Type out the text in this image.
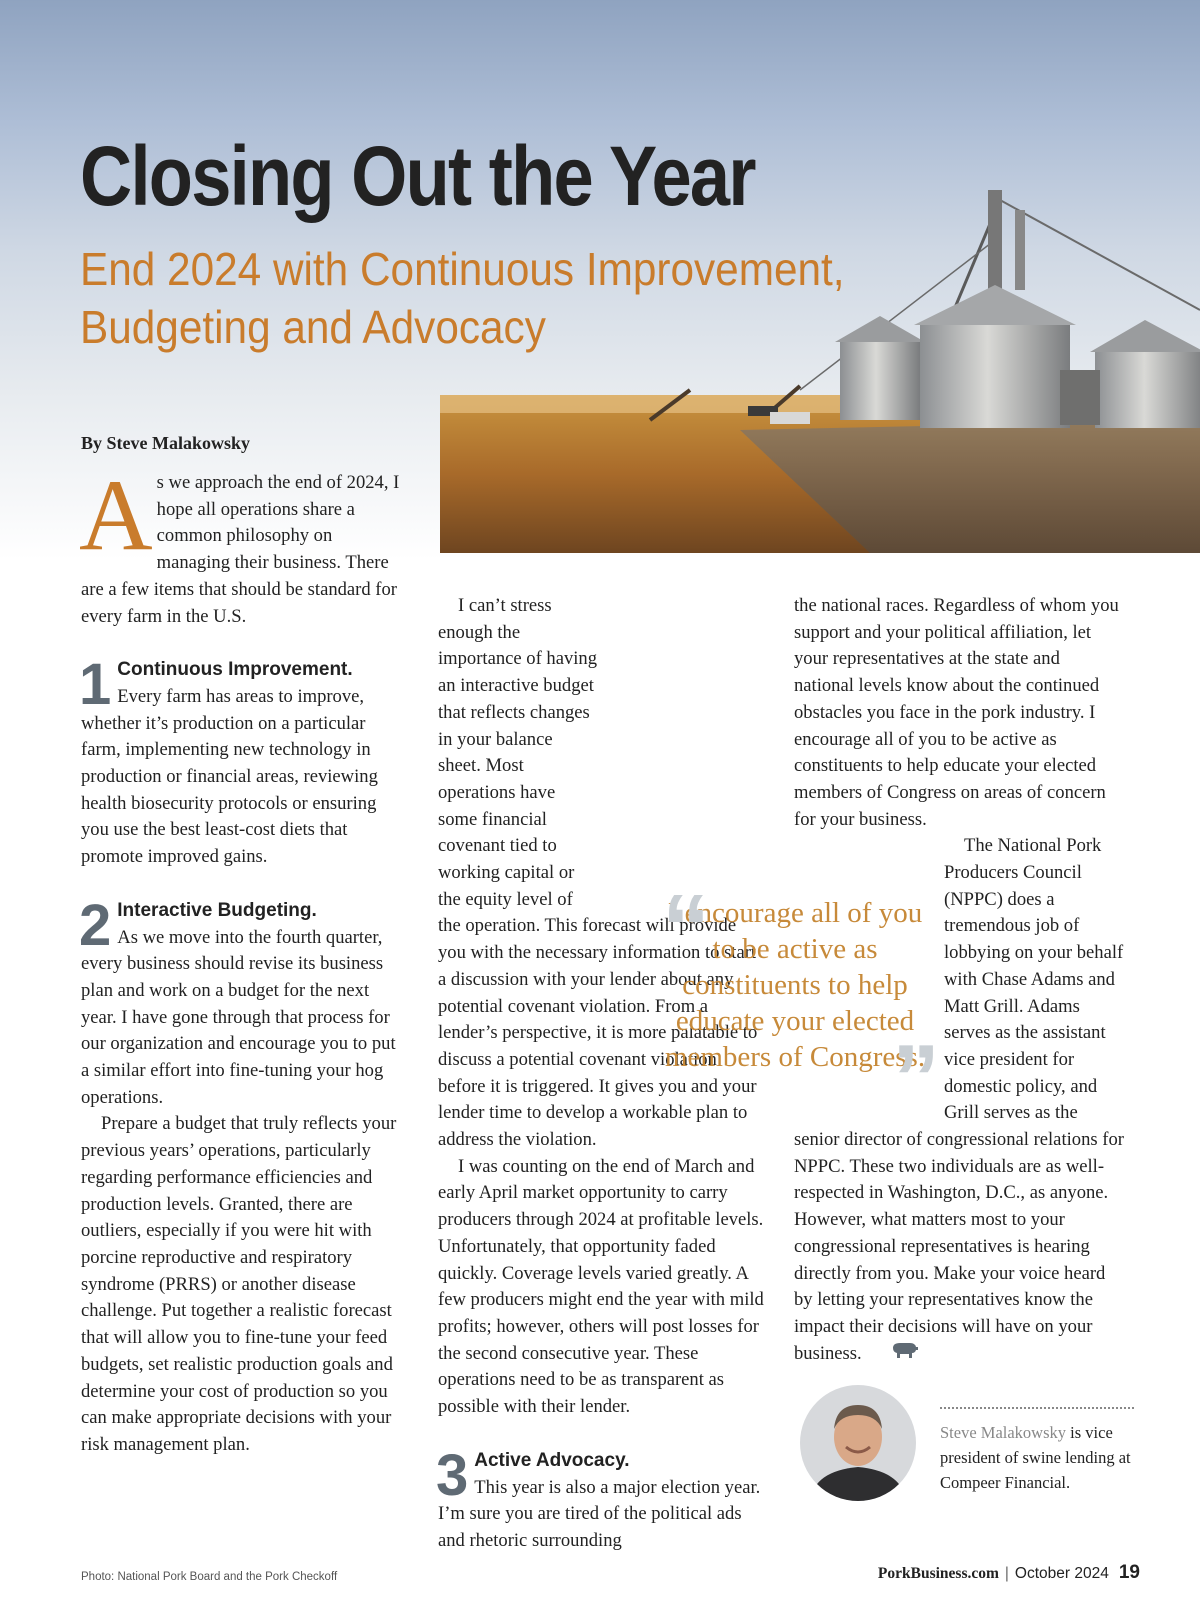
Closing Out the Year
End 2024 with Continuous Improvement, Budgeting and Advocacy

By Steve Malakowsky

As we approach the end of 2024, I hope all operations share a common philosophy on managing their business. There are a few items that should be standard for every farm in the U.S.

1 Continuous Improvement.
Every farm has areas to improve, whether it’s production on a particular farm, implementing new technology in production or financial areas, reviewing health biosecurity protocols or ensuring you use the best least-cost diets that promote improved gains.

2 Interactive Budgeting.
As we move into the fourth quarter, every business should revise its business plan and work on a budget for the next year. I have gone through that process for our organization and encourage you to put a similar effort into fine-tuning your hog operations.

Prepare a budget that truly reflects your previous years’ operations, particularly regarding performance efficiencies and production levels. Granted, there are outliers, especially if you were hit with porcine reproductive and respiratory syndrome (PRRS) or another disease challenge. Put together a realistic forecast that will allow you to fine-tune your feed budgets, set realistic production goals and determine your cost of production so you can make appropriate decisions with your risk management plan.

I can’t stress enough the importance of having an interactive budget that reflects changes in your balance sheet. Most operations have some financial covenant tied to working capital or the equity level of the operation. This forecast will provide you with the necessary information to start a discussion with your lender about any potential covenant violation. From a lender’s perspective, it is more palatable to discuss a potential covenant violation before it is triggered. It gives you and your lender time to develop a workable plan to address the violation.

I was counting on the end of March and early April market opportunity to carry producers through 2024 at profitable levels. Unfortunately, that opportunity faded quickly. Coverage levels varied greatly. A few producers might end the year with mild profits; however, others will post losses for the second consecutive year. These operations need to be as transparent as possible with their lender.

3 Active Advocacy.
This year is also a major election year. I’m sure you are tired of the political ads and rhetoric surrounding

the national races. Regardless of whom you support and your political affiliation, let your representatives at the state and national levels know about the continued obstacles you face in the pork industry. I encourage all of you to be active as constituents to help educate your elected members of Congress on areas of concern for your business.

The National Pork Producers Council (NPPC) does a tremendous job of lobbying on your behalf with Chase Adams and Matt Grill. Adams serves as the assistant vice president for domestic policy, and Grill serves as the senior director of congressional relations for NPPC. These two individuals are as well-respected in Washington, D.C., as anyone. However, what matters most to your congressional representatives is hearing directly from you. Make your voice heard by letting your representatives know the impact their decisions will have on your business.

“
I encourage all of you to be active as constituents to help educate your elected members of Congress.
”

Steve Malakowsky is vice president of swine lending at Compeer Financial.

Photo: National Pork Board and the Pork Checkoff	PorkBusiness.com | October 2024 19
